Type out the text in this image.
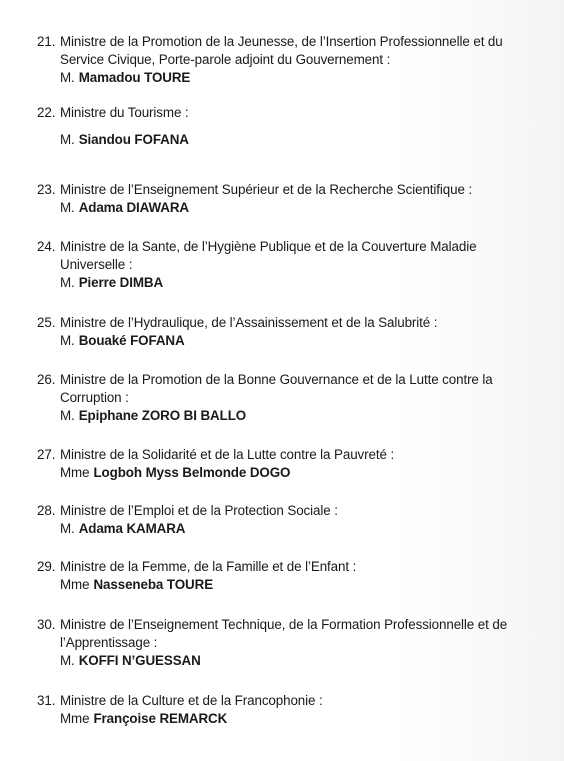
21. Ministre de la Promotion de la Jeunesse, de l’Insertion Professionnelle et du Service Civique, Porte-parole adjoint du Gouvernement :
M. Mamadou TOURE
22. Ministre du Tourisme :
M. Siandou FOFANA
23. Ministre de l’Enseignement Supérieur et de la Recherche Scientifique :
M. Adama DIAWARA
24. Ministre de la Sante, de l’Hygiène Publique et de la Couverture Maladie Universelle :
M. Pierre DIMBA
25. Ministre de l’Hydraulique, de l’Assainissement et de la Salubrité :
M. Bouaké FOFANA
26. Ministre de la Promotion de la Bonne Gouvernance et de la Lutte contre la Corruption :
M. Epiphane ZORO BI BALLO
27. Ministre de la Solidarité et de la Lutte contre la Pauvreté :
Mme Logboh Myss Belmonde DOGO
28. Ministre de l’Emploi et de la Protection Sociale :
M. Adama KAMARA
29. Ministre de la Femme, de la Famille et de l’Enfant :
Mme Nasseneba TOURE
30. Ministre de l’Enseignement Technique, de la Formation Professionnelle et de l’Apprentissage :
M. KOFFI N’GUESSAN
31. Ministre de la Culture et de la Francophonie :
Mme Françoise REMARCK
